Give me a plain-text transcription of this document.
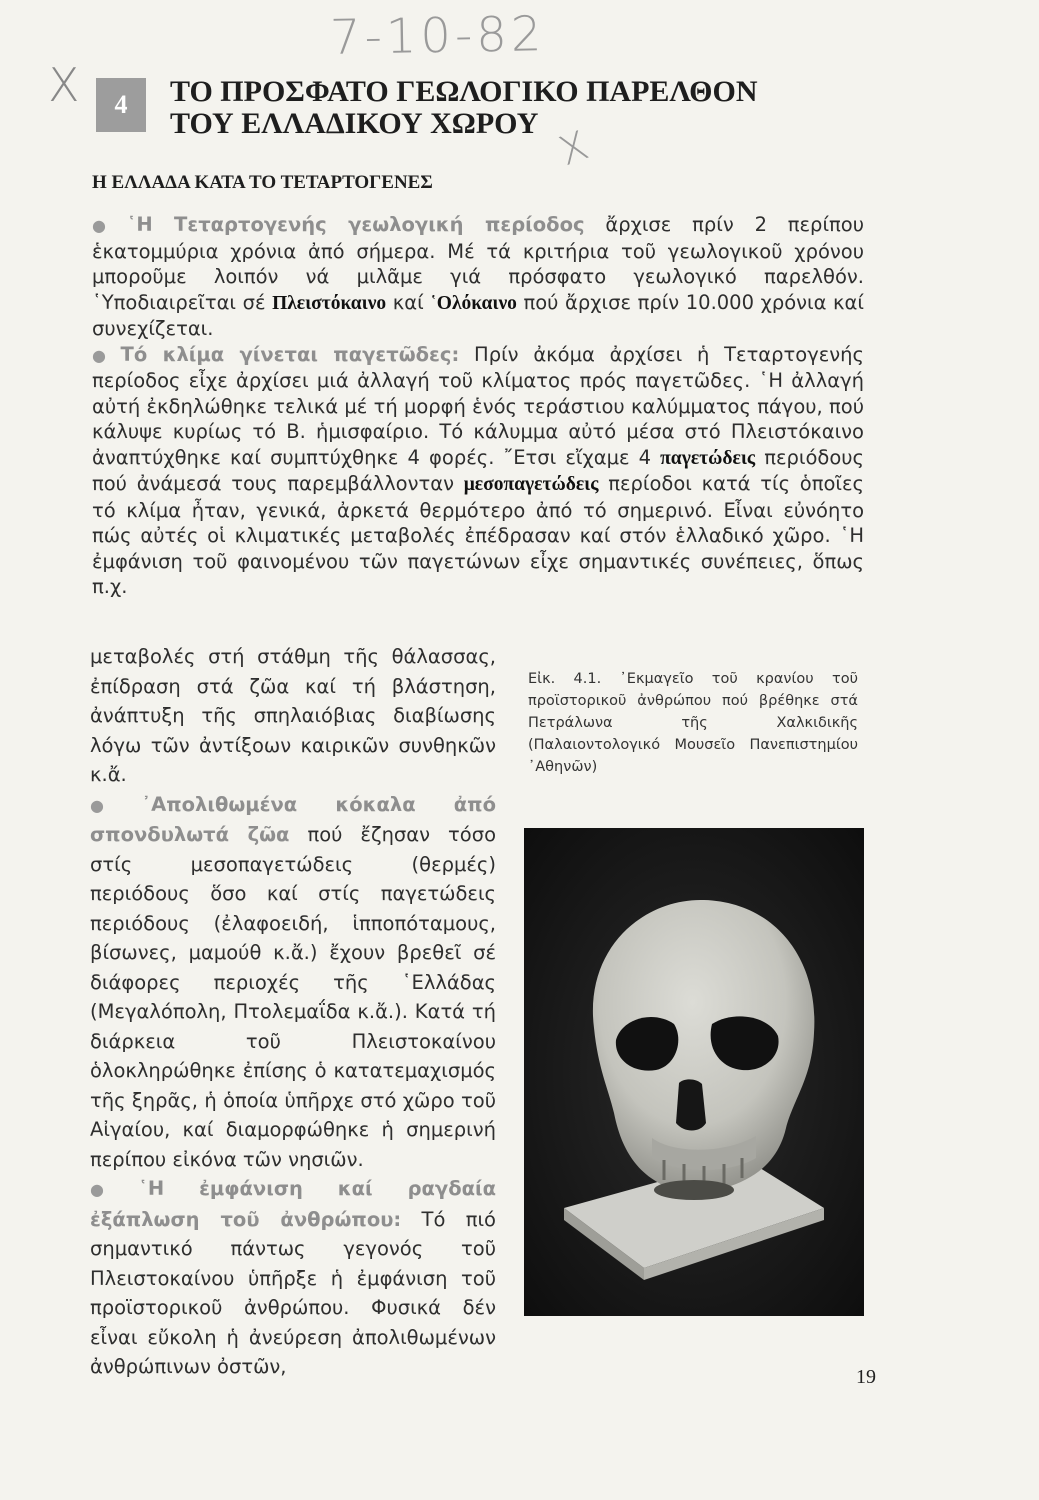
7-10-82
X	4	ΤΟ ΠΡΟΣΦΑΤΟ ΓΕΩΛΟΓΙΚΟ ΠΑΡΕΛΘΟΝ
ΤΟΥ ΕΛΛΑΔΙΚΟΥ ΧΩΡΟΥ X
Η ΕΛΛΑΔΑ ΚΑΤΑ ΤΟ ΤΕΤΑΡΤΟΓΕΝΕΣ

● ῾Η Τεταρτογενής γεωλογική περίοδος ἄρχισε πρίν 2 περίπου ἑκατομμύρια χρόνια ἀπό σήμερα. Μέ τά κριτήρια τοῦ γεωλογικοῦ χρόνου μποροῦμε λοιπόν νά μιλᾶμε γιά πρόσφατο γεωλογικό παρελθόν. ῾Υποδιαιρεῖται σέ Πλειστόκαινο καί ῾Ολόκαινο πού ἄρχισε πρίν 10.000 χρόνια καί συνεχίζεται.

● Τό κλίμα γίνεται παγετῶδες: Πρίν ἀκόμα ἀρχίσει ἡ Τεταρτογενής περίοδος εἶχε ἀρχίσει μιά ἀλλαγή τοῦ κλίματος πρός παγετῶδες. ῾Η ἀλλαγή αὐτή ἐκδηλώθηκε τελικά μέ τή μορφή ἑνός τεράστιου καλύμματος πάγου, πού κάλυψε κυρίως τό Β. ἡμισφαίριο. Τό κάλυμμα αὐτό μέσα στό Πλειστόκαινο ἀναπτύχθηκε καί συμπτύχθηκε 4 φορές. ῎Ετσι εἴχαμε 4 παγετώδεις περιόδους πού ἀνάμεσά τους παρεμβάλλονταν μεσοπαγετώδεις περίοδοι κατά τίς ὁποῖες τό κλίμα ἦταν, γενικά, ἀρκετά θερμότερο ἀπό τό σημερινό. Εἶναι εὐνόητο πώς αὐτές οἱ κλιματικές μεταβολές ἐπέδρασαν καί στόν ἑλλαδικό χῶρο. ῾Η ἐμφάνιση τοῦ φαινομένου τῶν παγετώνων εἶχε σημαντικές συνέπειες, ὅπως π.χ.

μεταβολές στή στάθμη τῆς θάλασσας, ἐπίδραση στά ζῶα καί τή βλάστηση, ἀνάπτυξη τῆς σπηλαιόβιας διαβίωσης λόγω τῶν ἀντίξοων καιρικῶν συνθηκῶν κ.ἄ.

● ᾿Απολιθωμένα κόκαλα ἀπό σπονδυλωτά ζῶα πού ἔζησαν τόσο στίς μεσοπαγετώδεις (θερμές) περιόδους ὅσο καί στίς παγετώδεις περιόδους (ἐλαφοειδή, ἱπποπόταμους, βίσωνες, μαμούθ κ.ἄ.) ἔχουν βρεθεῖ σέ διάφορες περιοχές τῆς ῾Ελλάδας (Μεγαλόπολη, Πτολεμαΐδα κ.ἄ.). Κατά τή διάρκεια τοῦ Πλειστοκαίνου ὁλοκληρώθηκε ἐπίσης ὁ κατατεμαχισμός τῆς ξηρᾶς, ἡ ὁποία ὑπῆρχε στό χῶρο τοῦ Αἰγαίου, καί διαμορφώθηκε ἡ σημερινή περίπου εἰκόνα τῶν νησιῶν.

● ῾Η ἐμφάνιση καί ραγδαία ἐξάπλωση τοῦ ἀνθρώπου: Τό πιό σημαντικό πάντως γεγονός τοῦ Πλειστοκαίνου ὑπῆρξε ἡ ἐμφάνιση τοῦ προϊστορικοῦ ἀνθρώπου. Φυσικά δέν εἶναι εὔκολη ἡ ἀνεύρεση ἀπολιθωμένων ἀνθρώπινων ὀστῶν,

Εἰκ. 4.1. ᾿Εκμαγεῖο τοῦ κρανίου τοῦ προϊστορικοῦ ἀνθρώπου πού βρέθηκε στά Πετράλωνα τῆς Χαλκιδικῆς (Παλαιοντολογικό Μουσεῖο Πανεπιστημίου ᾿Αθηνῶν)
19
